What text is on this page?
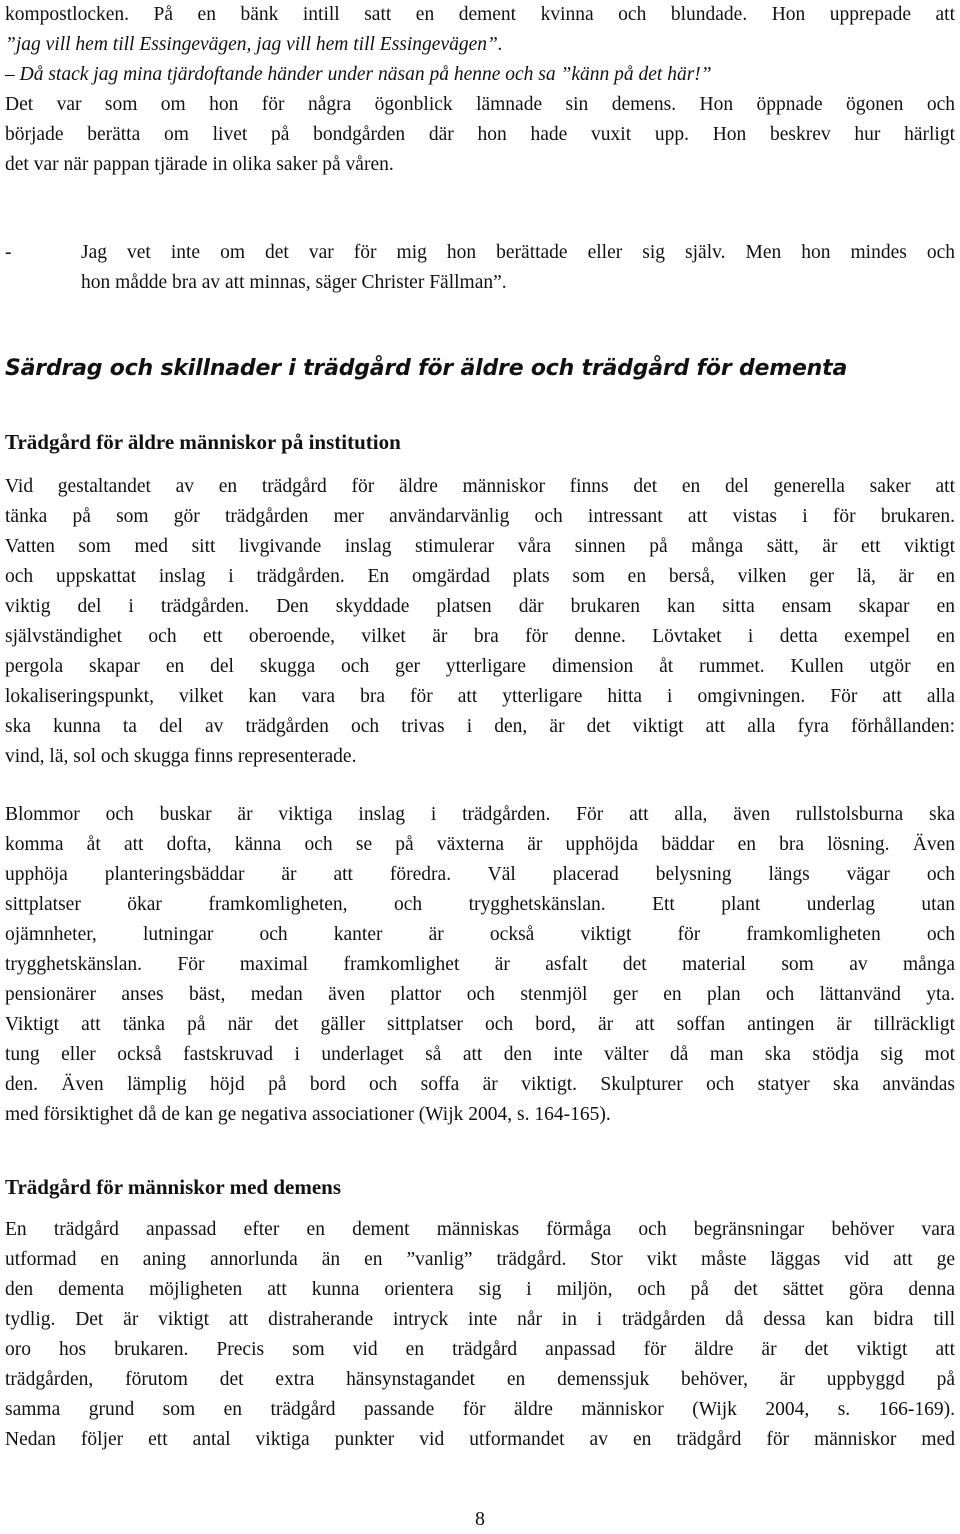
kompostlocken. På en bänk intill satt en dement kvinna och blundade. Hon upprepade att
”jag vill hem till Essingevägen, jag vill hem till Essingevägen”.
– Då stack jag mina tjärdoftande händer under näsan på henne och sa ”känn på det här!”
Det var som om hon för några ögonblick lämnade sin demens. Hon öppnade ögonen och
började berätta om livet på bondgården där hon hade vuxit upp. Hon beskrev hur härligt
det var när pappan tjärade in olika saker på våren.
-	Jag vet inte om det var för mig hon berättade eller sig själv. Men hon mindes och
hon mådde bra av att minnas, säger Christer Fällman”.
Särdrag och skillnader i trädgård för äldre och trädgård för dementa
Trädgård för äldre människor på institution
Vid gestaltandet av en trädgård för äldre människor finns det en del generella saker att
tänka på som gör trädgården mer användarvänlig och intressant att vistas i för brukaren.
Vatten som med sitt livgivande inslag stimulerar våra sinnen på många sätt, är ett viktigt
och uppskattat inslag i trädgården. En omgärdad plats som en berså, vilken ger lä, är en
viktig del i trädgården. Den skyddade platsen där brukaren kan sitta ensam skapar en
självständighet och ett oberoende, vilket är bra för denne. Lövtaket i detta exempel en
pergola skapar en del skugga och ger ytterligare dimension åt rummet. Kullen utgör en
lokaliseringspunkt, vilket kan vara bra för att ytterligare hitta i omgivningen. För att alla
ska kunna ta del av trädgården och trivas i den, är det viktigt att alla fyra förhållanden:
vind, lä, sol och skugga finns representerade.
Blommor och buskar är viktiga inslag i trädgården. För att alla, även rullstolsburna ska
komma åt att dofta, känna och se på växterna är upphöjda bäddar en bra lösning. Även
upphöja planteringsbäddar är att föredra. Väl placerad belysning längs vägar och
sittplatser ökar framkomligheten, och trygghetskänslan. Ett plant underlag utan
ojämnheter, lutningar och kanter är också viktigt för framkomligheten och
trygghetskänslan. För maximal framkomlighet är asfalt det material som av många
pensionärer anses bäst, medan även plattor och stenmjöl ger en plan och lättanvänd yta.
Viktigt att tänka på när det gäller sittplatser och bord, är att soffan antingen är tillräckligt
tung eller också fastskruvad i underlaget så att den inte välter då man ska stödja sig mot
den. Även lämplig höjd på bord och soffa är viktigt. Skulpturer och statyer ska användas
med försiktighet då de kan ge negativa associationer (Wijk 2004, s. 164-165).
Trädgård för människor med demens
En trädgård anpassad efter en dement människas förmåga och begränsningar behöver vara
utformad en aning annorlunda än en ”vanlig” trädgård. Stor vikt måste läggas vid att ge
den dementa möjligheten att kunna orientera sig i miljön, och på det sättet göra denna
tydlig. Det är viktigt att distraherande intryck inte når in i trädgården då dessa kan bidra till
oro hos brukaren. Precis som vid en trädgård anpassad för äldre är det viktigt att
trädgården, förutom det extra hänsynstagandet en demenssjuk behöver, är uppbyggd på
samma grund som en trädgård passande för äldre människor (Wijk 2004, s. 166-169).
Nedan följer ett antal viktiga punkter vid utformandet av en trädgård för människor med
8
